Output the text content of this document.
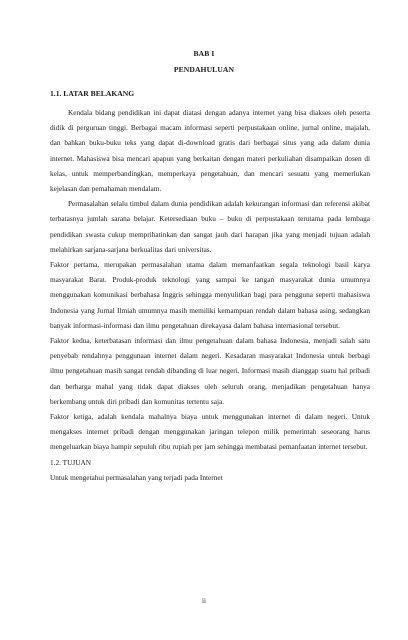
BAB I
PENDAHULUAN
1.1. LATAR BELAKANG

Kendala bidang pendidikan ini dapat diatasi dengan adanya internet yang bisa diakses oleh peserta didik di perguruan tinggi. Berbagai macam informasi seperti perpustakaan online, jurnal online, majalah, dan bahkan buku-buku teks yang dapat di-download gratis dari berbagai situs yang ada dalam dunia internet. Mahasiswa bisa mencari apapun yang berkaitan dengan materi perkuliahan disampaikan dosen di kelas, untuk memperbandingkan, memperkaya pengetahuan, dan mencari sesuatu yang memerlukan kejelasan dan pemahaman mendalam.

Permasalahan selalu timbul dalam dunia pendidikan adalah kekurangan informasi dan referensi akibat terbatasnya jumlah sarana belajar. Ketersediaan buku – buku di perpustakaan terutama pada lembaga pendidikan swasta cukup memprihatinkan dan sangat jauh dari harapan jika yang menjadi tujuan adalah melahirkan sarjana-sarjana berkualitas dari universitas.

Faktor pertama, merupakan permasalahan utama dalam memanfaatkan segala teknologi basil karya masyarakat Barat. Produk-produk teknologi yang sampai ke tangan masyarakat dunia umumnya menggunakan komunikasi berbahasa Inggris sehingga menyulitkan bagi para pengguna seperti mahasiswa Indonesia yang Jurnal Ilmiah umumnya masih memiliki kemampuan rendah dalam bahasa asing, sedangkan banyak informasi-informasi dan ilmu pengetahuan direkayasa dalam bahasa internasional tersebut.

Faktor kedua, keterbatasan informasi dan ilmu pengetahuan dalam bahasa Indonesia, menjadi salah satu penyebab rendahnya penggunaan internet dalam negeri. Kesadaran masyarakat Indonesia untuk berbagi ilmu pengetahuan masih sangat rendah dibanding di luar negeri. Informasi masih dianggap suatu hal pribadi dan berharga mahal yang tidak dapat diakses oleh seluruh orang, menjadikan pengetahuan hanya berkembang untuk diri pribadi dan komunitas tertentu saja.

Faktor ketiga, adalah kendala mahalnya biaya untuk menggunakan internet di dalam negeri. Untuk mengakses internet pribadi dengan menggunakan jaringan telepon milik pemerintah seseorang harus mengeluarkan biaya hampir sepuluh ribu rupiah per jam sehingga membatasi pemanfaatan internet tersebut.

1.2. TUJUAN

Untuk mengetahui permasalahan yang terjadi pada Internet

ii
